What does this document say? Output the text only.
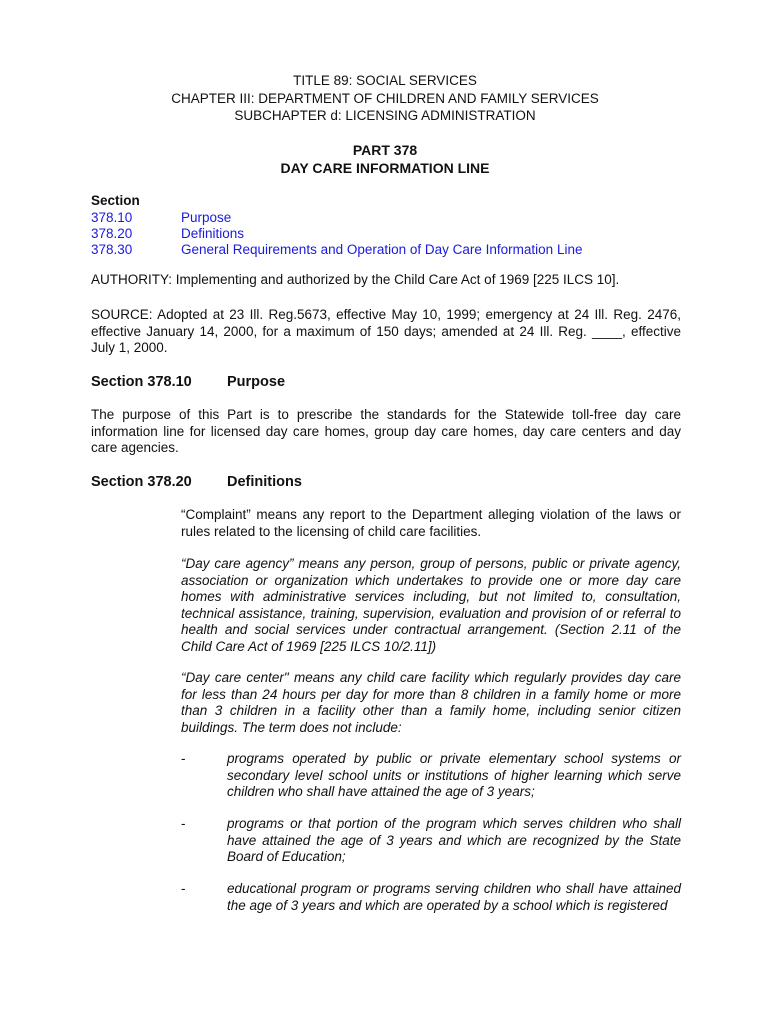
TITLE 89: SOCIAL SERVICES
CHAPTER III: DEPARTMENT OF CHILDREN AND FAMILY SERVICES
SUBCHAPTER d: LICENSING ADMINISTRATION
PART 378
DAY CARE INFORMATION LINE
Section
378.10	Purpose
378.20	Definitions
378.30	General Requirements and Operation of Day Care Information Line
AUTHORITY: Implementing and authorized by the Child Care Act of 1969 [225 ILCS 10].
SOURCE: Adopted at 23 Ill. Reg.5673, effective May 10, 1999; emergency at 24 Ill. Reg. 2476, effective January 14, 2000, for a maximum of 150 days; amended at 24 Ill. Reg. ____, effective July 1, 2000.
Section 378.10 Purpose
The purpose of this Part is to prescribe the standards for the Statewide toll-free day care information line for licensed day care homes, group day care homes, day care centers and day care agencies.
Section 378.20 Definitions
“Complaint” means any report to the Department alleging violation of the laws or rules related to the licensing of child care facilities.
“Day care agency” means any person, group of persons, public or private agency, association or organization which undertakes to provide one or more day care homes with administrative services including, but not limited to, consultation, technical assistance, training, supervision, evaluation and provision of or referral to health and social services under contractual arrangement. (Section 2.11 of the Child Care Act of 1969 [225 ILCS 10/2.11])
“Day care center" means any child care facility which regularly provides day care for less than 24 hours per day for more than 8 children in a family home or more than 3 children in a facility other than a family home, including senior citizen buildings. The term does not include:
-	programs operated by public or private elementary school systems or secondary level school units or institutions of higher learning which serve children who shall have attained the age of 3 years;
-	programs or that portion of the program which serves children who shall have attained the age of 3 years and which are recognized by the State Board of Education;
-	educational program or programs serving children who shall have attained the age of 3 years and which are operated by a school which is registered
